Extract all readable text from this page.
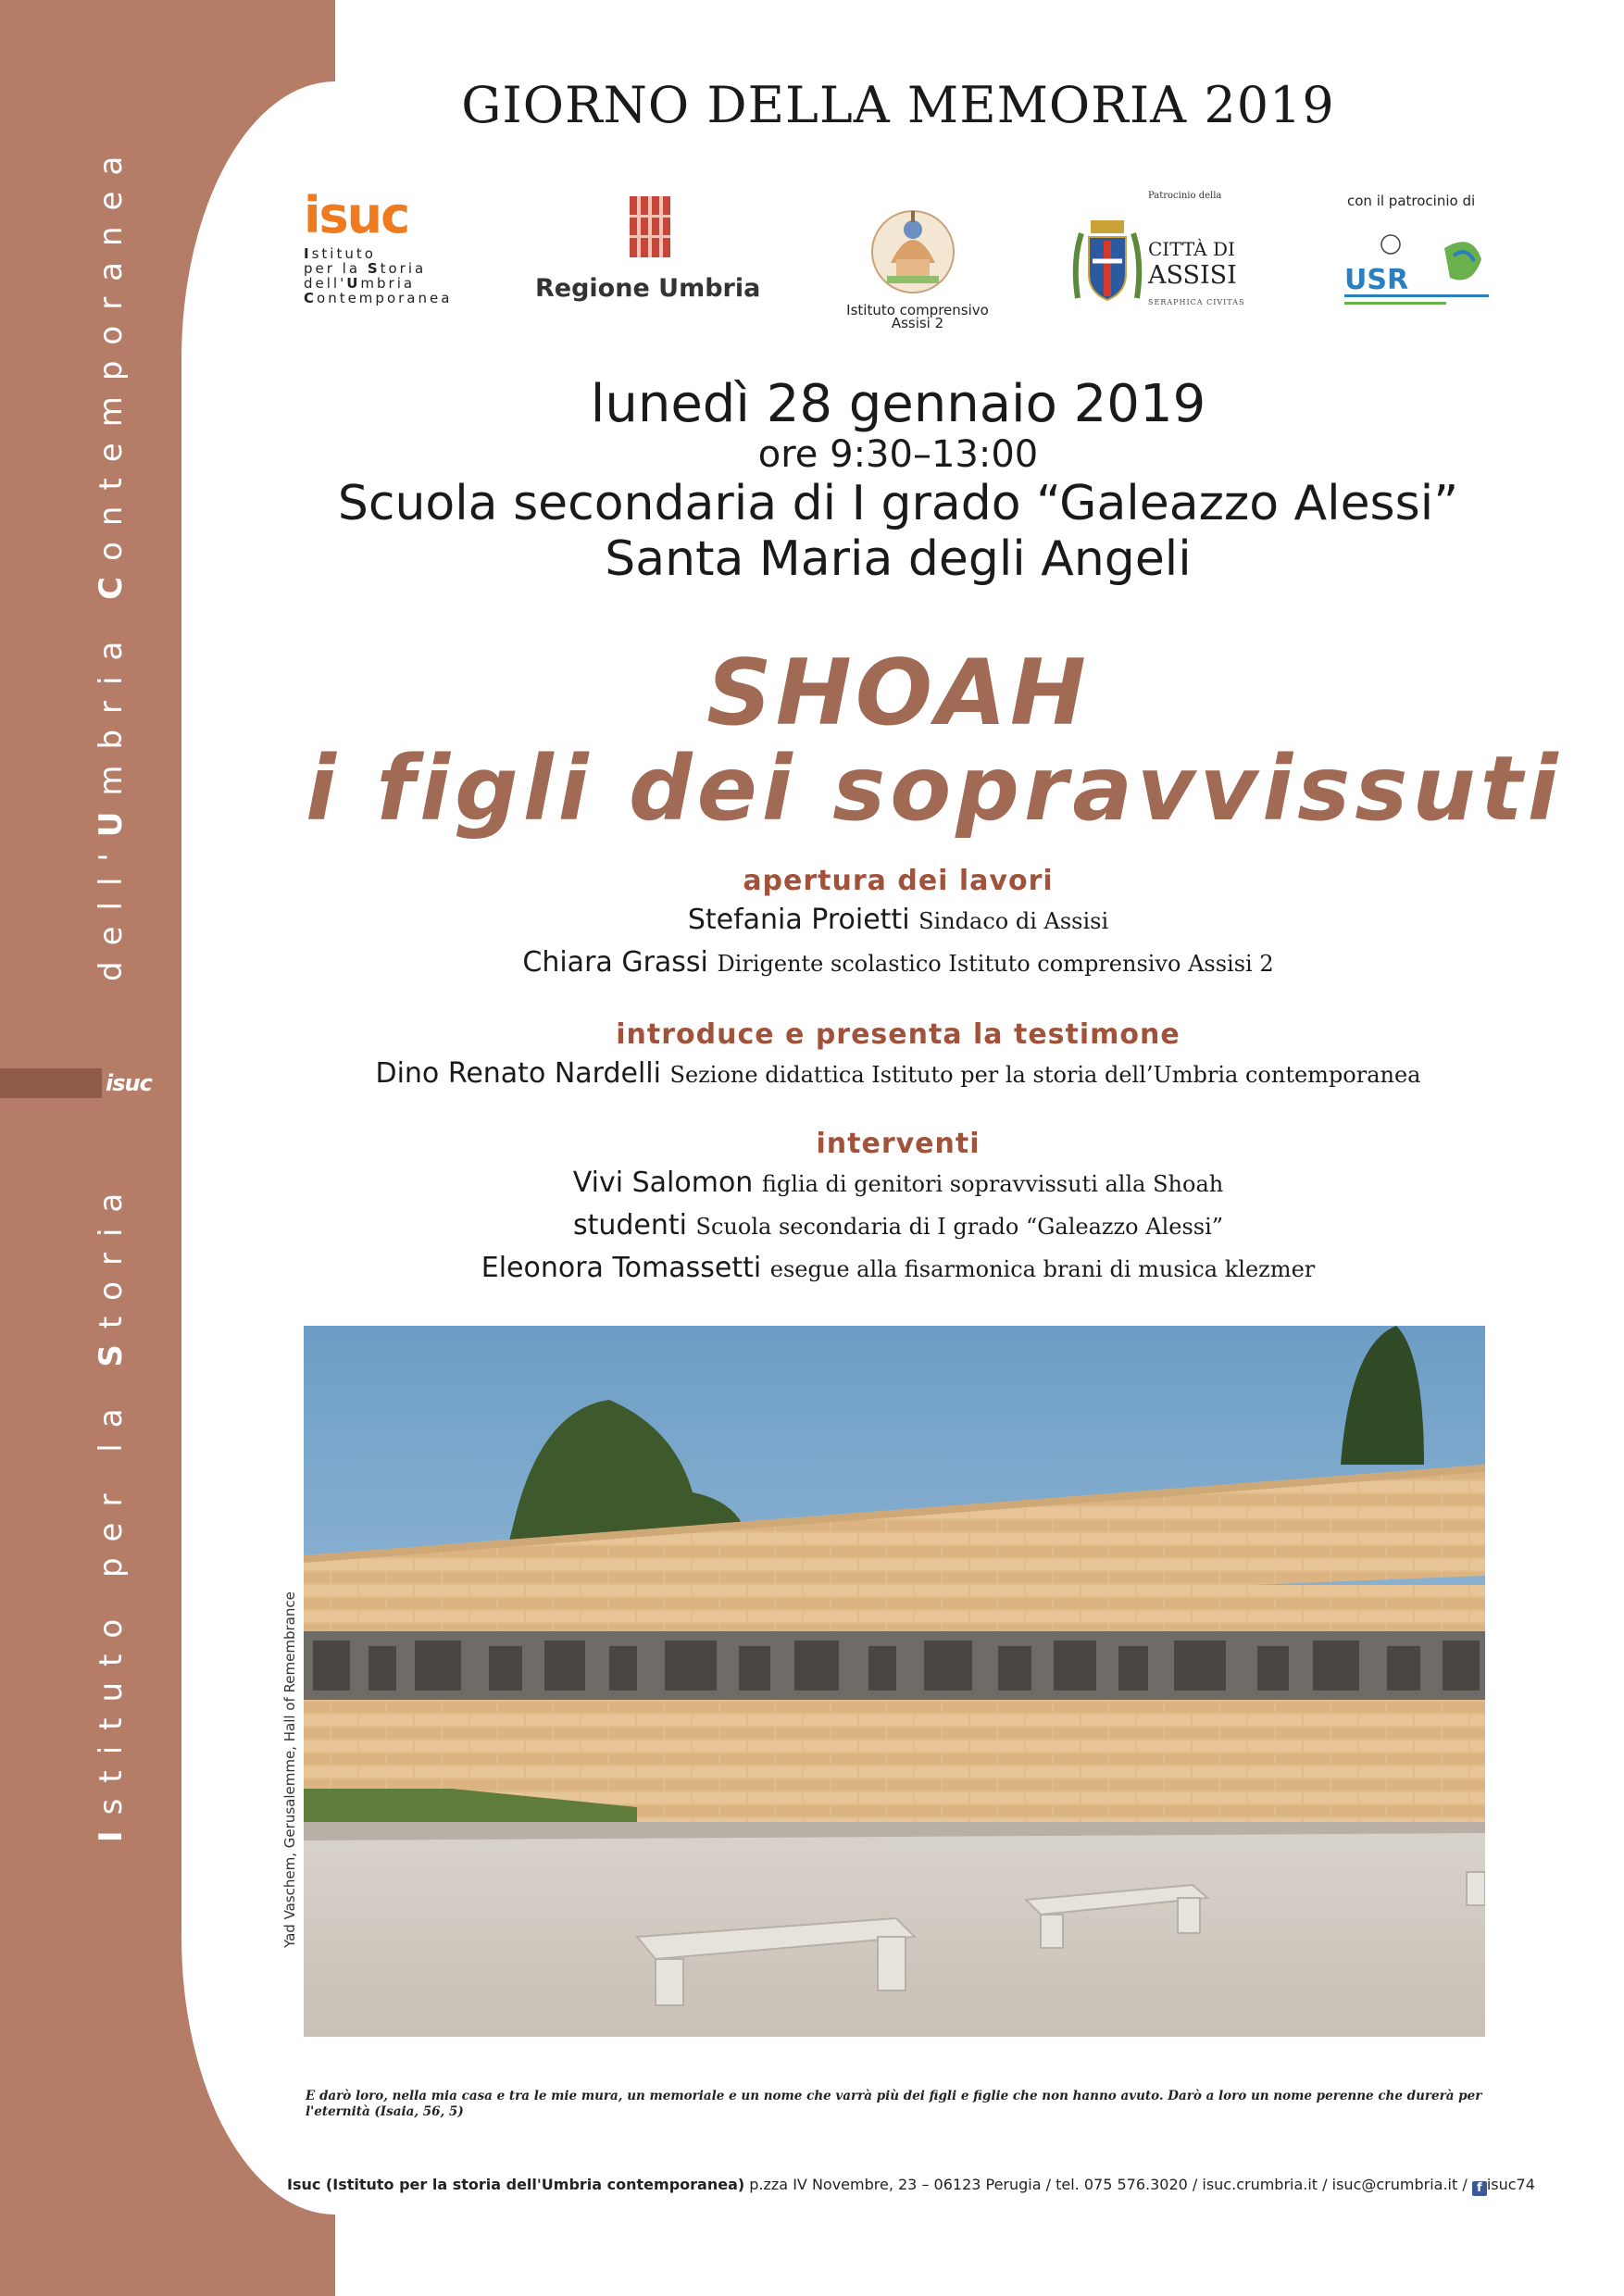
dell'Umbria Contemporanea
isuc
Istituto per la Storia
GIORNO DELLA MEMORIA 2019
isuc
Istituto
per la Storia
dell'Umbria
Contemporanea	Regione Umbria
Istituto comprensivo
Assisi 2
Patrocinio della
CITTÀ DI
ASSISI
SERAPHICA CIVITAS
con il patrocinio di
USR
lunedì 28 gennaio 2019
ore 9:30–13:00
Scuola secondaria di I grado “Galeazzo Alessi”
Santa Maria degli Angeli
SHOAH
i figli dei sopravvissuti
apertura dei lavori
Stefania Proietti Sindaco di Assisi
Chiara Grassi Dirigente scolastico Istituto comprensivo Assisi 2
introduce e presenta la testimone
Dino Renato Nardelli Sezione didattica Istituto per la storia dell’Umbria contemporanea
interventi
Vivi Salomon figlia di genitori sopravvissuti alla Shoah
studenti Scuola secondaria di I grado “Galeazzo Alessi”
Eleonora Tomassetti esegue alla fisarmonica brani di musica klezmer
Yad Vaschem, Gerusalemme, Hall of Remembrance
E darò loro, nella mia casa e tra le mie mura, un memoriale e un nome che varrà più dei figli e figlie che non hanno avuto. Darò a loro un nome perenne che durerà per l'eternità (Isaia, 56, 5)
Isuc (Istituto per la storia dell'Umbria contemporanea) p.zza IV Novembre, 23 – 06123 Perugia / tel. 075 576.3020 / isuc.crumbria.it / isuc@crumbria.it / f isuc74
